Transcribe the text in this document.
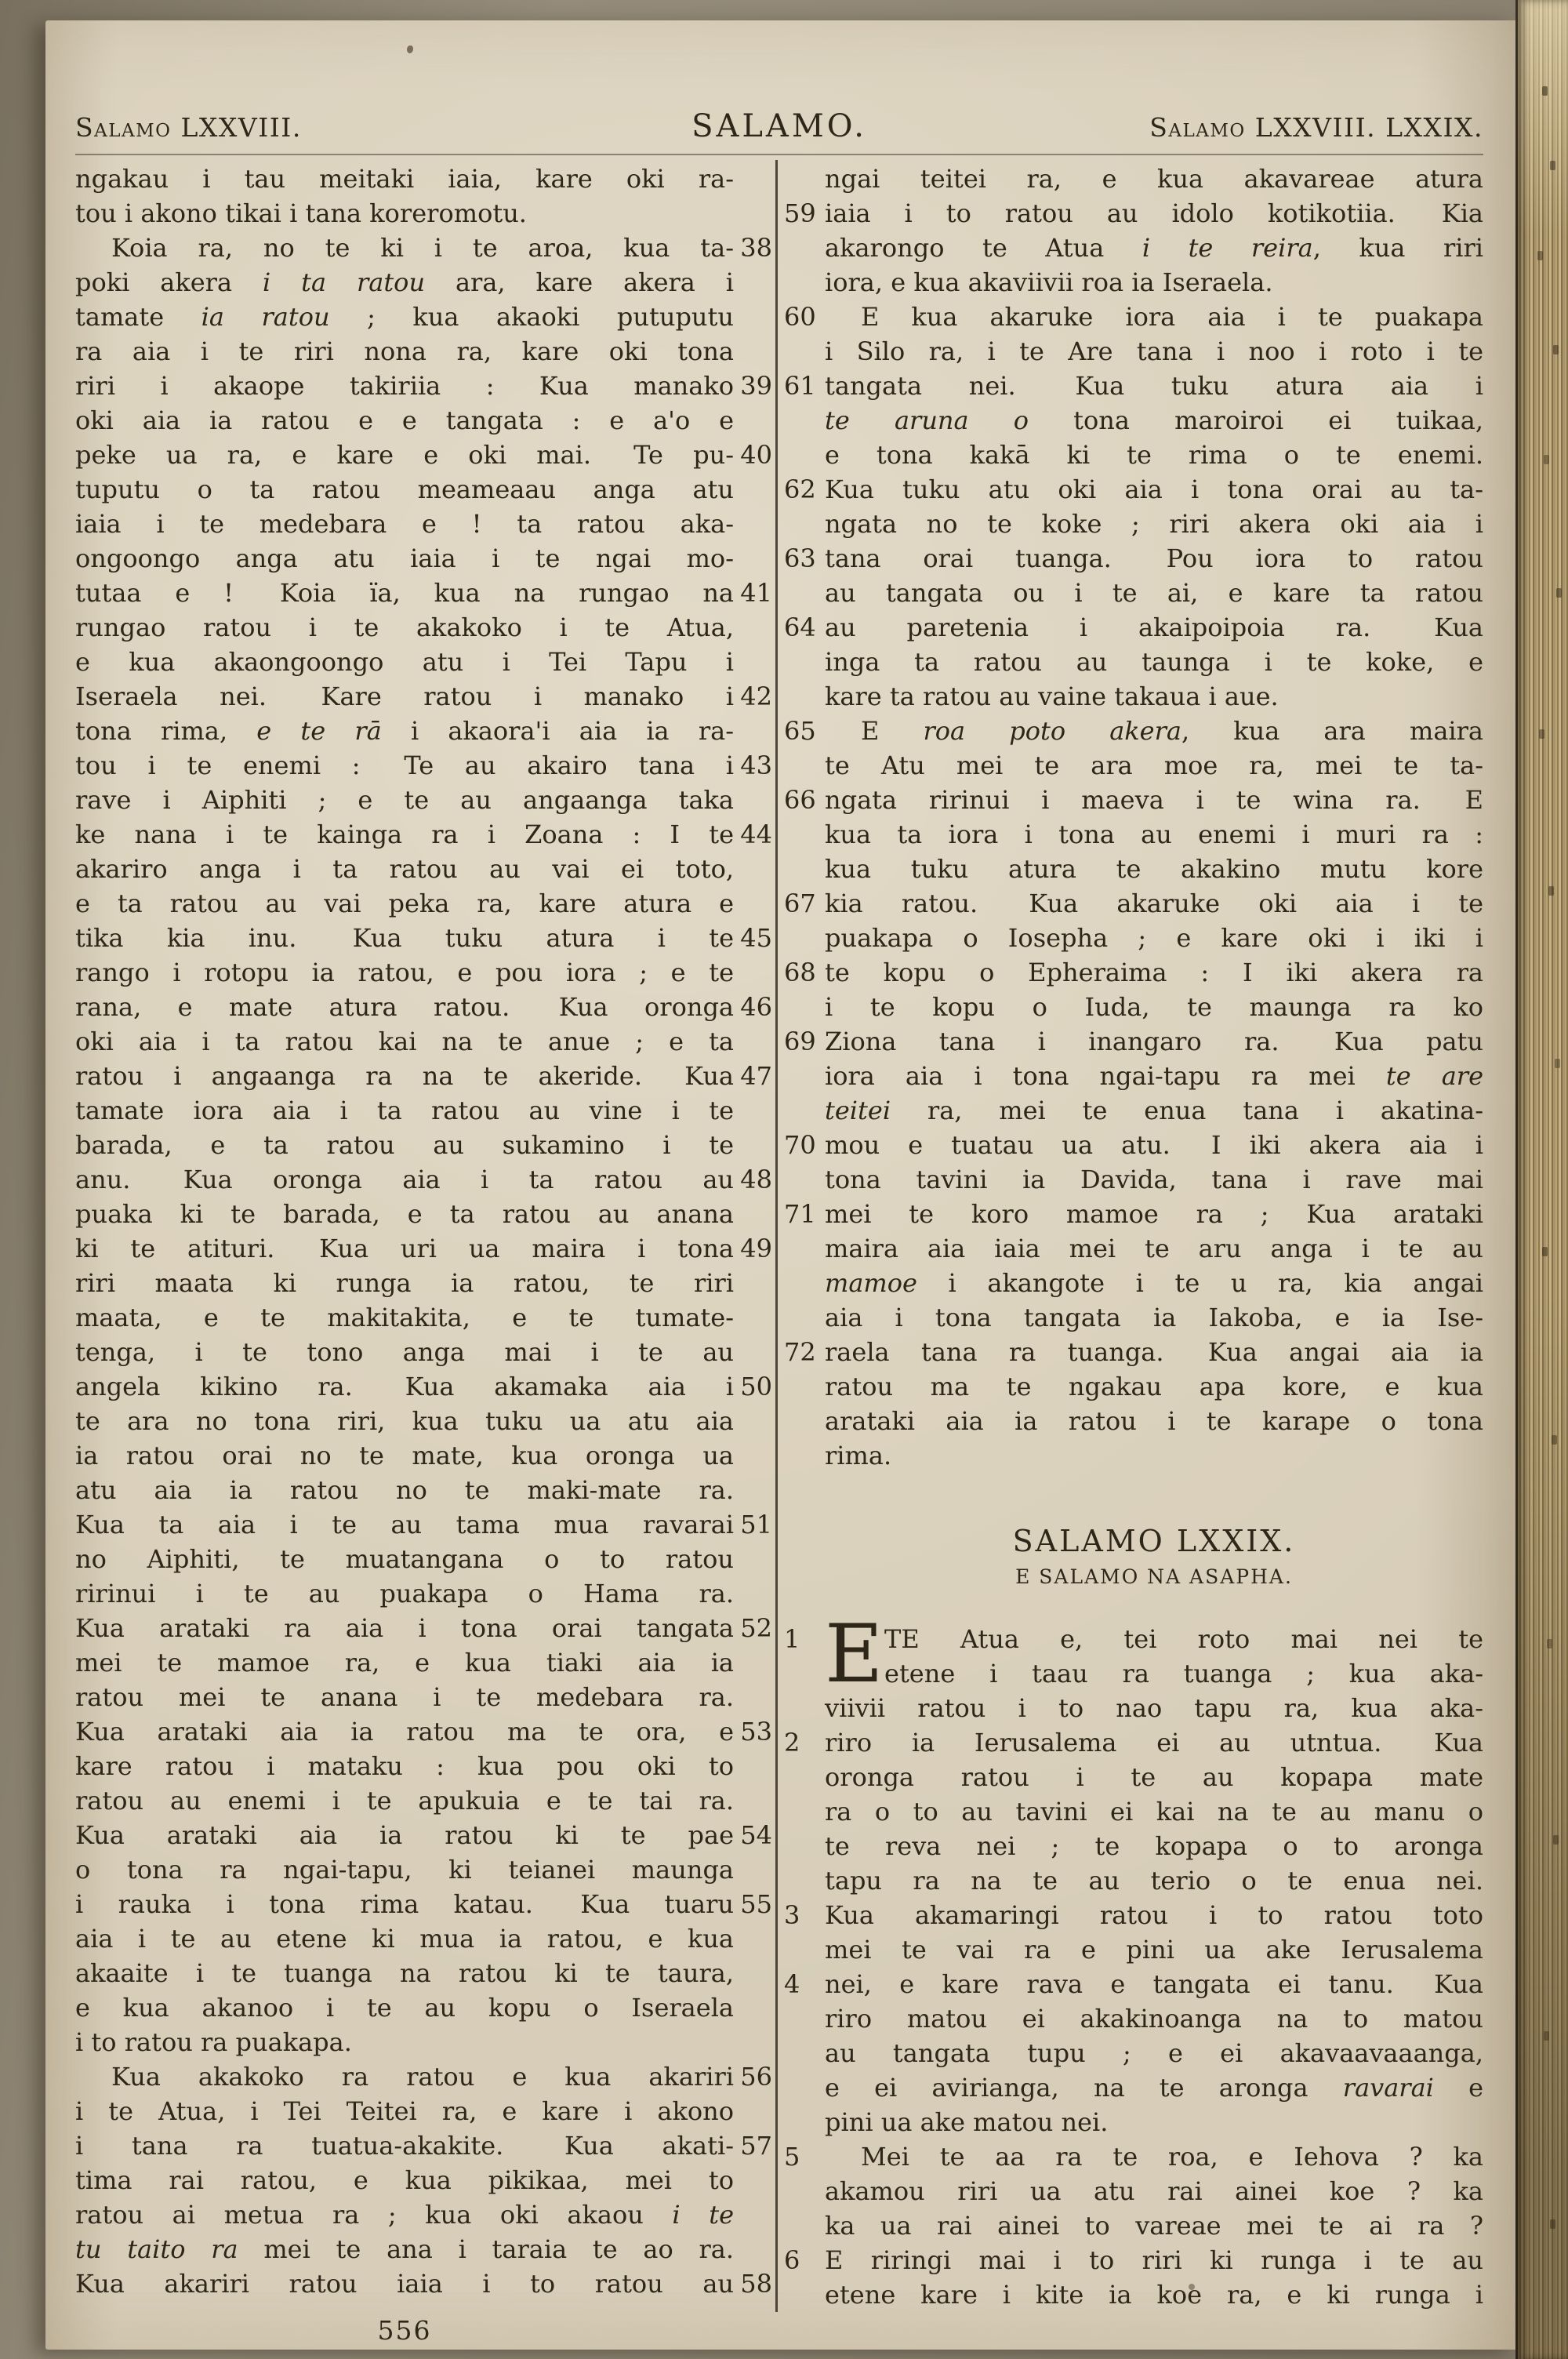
Salamo LXXVIII.	SALAMO.	Salamo LXXVIII. LXXIX.
ngakau i tau meitaki iaia, kare oki ra-
tou i akono tikai i tana koreromotu.
38
Koia ra, no te ki i te aroa, kua ta-
poki akera i ta ratou ara, kare akera i
tamate ia ratou ; kua akaoki putuputu
ra aia i te riri nona ra, kare oki tona
39
riri i akaope takiriia : Kua manako
oki aia ia ratou e e tangata : e a'o e
40
peke ua ra, e kare e oki mai.  Te pu-
tuputu o ta ratou meameaau anga atu
iaia i te medebara e ! ta ratou aka-
ongoongo anga atu iaia i te ngai mo-
41
tutaa e !  Koia ïa, kua na rungao na
rungao ratou i te akakoko i te Atua,
e kua akaongoongo atu i Tei Tapu i
42
Iseraela nei.  Kare ratou i manako i
tona rima, e te rā i akaora'i aia ia ra-
43
tou i te enemi :  Te au akairo tana i
rave i Aiphiti ; e te au angaanga taka
44
ke nana i te kainga ra i Zoana : I te
akariro anga i ta ratou au vai ei toto,
e ta ratou au vai peka ra, kare atura e
45
tika kia inu.  Kua tuku atura i te
rango i rotopu ia ratou, e pou iora ; e te
46
rana, e mate atura ratou.  Kua oronga
oki aia i ta ratou kai na te anue ; e ta
47
ratou i angaanga ra na te akeride.  Kua
tamate iora aia i ta ratou au vine i te
barada, e ta ratou au sukamino i te
48
anu.  Kua oronga aia i ta ratou au
puaka ki te barada, e ta ratou au anana
49
ki te atituri.  Kua uri ua maira i tona
riri maata ki runga ia ratou, te riri
maata, e te makitakita, e te tumate-
tenga, i te tono anga mai i te au
50
angela kikino ra.  Kua akamaka aia i
te ara no tona riri, kua tuku ua atu aia
ia ratou orai no te mate, kua oronga ua
atu aia ia ratou no te maki-mate ra.
51
Kua ta aia i te au tama mua ravarai
no Aiphiti, te muatangana o to ratou
ririnui i te au puakapa o Hama ra.
52
Kua arataki ra aia i tona orai tangata
mei te mamoe ra, e kua tiaki aia ia
ratou mei te anana i te medebara ra.
53
Kua arataki aia ia ratou ma te ora, e
kare ratou i mataku : kua pou oki to
ratou au enemi i te apukuia e te tai ra.
54
Kua arataki aia ia ratou ki te pae
o tona ra ngai-tapu, ki teianei maunga
55
i rauka i tona rima katau.  Kua tuaru
aia i te au etene ki mua ia ratou, e kua
akaaite i te tuanga na ratou ki te taura,
e kua akanoo i te au kopu o Iseraela
i to ratou ra puakapa.
56
Kua akakoko ra ratou e kua akariri
i te Atua, i Tei Teitei ra, e kare i akono
57
i tana ra tuatua-akakite.  Kua akati-
tima rai ratou, e kua pikikaa, mei to
ratou ai metua ra ; kua oki akaou i te
tu taito ra mei te ana i taraia te ao ra.
58
Kua akariri ratou iaia i to ratou au
ngai teitei ra, e kua akavareae atura
59 iaia i to ratou au idolo kotikotiia.  Kia
akarongo te Atua i te reira, kua riri
iora, e kua akaviivii roa ia Iseraela.
60 E kua akaruke iora aia i te puakapa
i Silo ra, i te Are tana i noo i roto i te
61 tangata nei.  Kua tuku atura aia i
te aruna o tona maroiroi ei tuikaa,
e tona kakā ki te rima o te enemi.
62 Kua tuku atu oki aia i tona orai au ta-
ngata no te koke ; riri akera oki aia i
63 tana orai tuanga.  Pou iora to ratou
au tangata ou i te ai, e kare ta ratou
64 au paretenia i akaipoipoia ra.  Kua
inga ta ratou au taunga i te koke, e
kare ta ratou au vaine takaua i aue.
65 E roa poto akera, kua ara maira
te Atu mei te ara moe ra, mei te ta-
66 ngata ririnui i maeva i te wina ra.  E
kua ta iora i tona au enemi i muri ra :
kua tuku atura te akakino mutu kore
67 kia ratou.  Kua akaruke oki aia i te
puakapa o Iosepha ; e kare oki i iki i
68 te kopu o Epheraima : I iki akera ra
i te kopu o Iuda, te maunga ra ko
69 Ziona tana i inangaro ra.  Kua patu
iora aia i tona ngai-tapu ra mei te are
teitei ra, mei te enua tana i akatina-
70 mou e tuatau ua atu.  I iki akera aia i
tona tavini ia Davida, tana i rave mai
71 mei te koro mamoe ra ; Kua arataki
maira aia iaia mei te aru anga i te au
mamoe i akangote i te u ra, kia angai
aia i tona tangata ia Iakoba, e ia Ise-
72 raela tana ra tuanga.  Kua angai aia ia
ratou ma te ngakau apa kore, e kua
arataki aia ia ratou i te karape o tona
rima.
SALAMO LXXIX.
E SALAMO NA ASAPHA.
1 E TE Atua e, tei roto mai nei te
etene i taau ra tuanga ; kua aka-
viivii ratou i to nao tapu ra, kua aka-
2 riro ia Ierusalema ei au utntua.  Kua
oronga ratou i te au kopapa mate
ra o to au tavini ei kai na te au manu o
te reva nei ; te kopapa o to aronga
tapu ra na te au terio o te enua nei.
3 Kua akamaringi ratou i to ratou toto
mei te vai ra e pini ua ake Ierusalema
4 nei, e kare rava e tangata ei tanu.  Kua
riro matou ei akakinoanga na to matou
au tangata tupu ; e ei akavaavaaanga,
e ei avirianga, na te aronga ravarai e
pini ua ake matou nei.
5 Mei te aa ra te roa, e Iehova ? ka
akamou riri ua atu rai ainei koe ? ka
ka ua rai ainei to vareae mei te ai ra ?
6 E riringi mai i to riri ki runga i te au
etene kare i kite ia koe ra, e ki runga i
556
